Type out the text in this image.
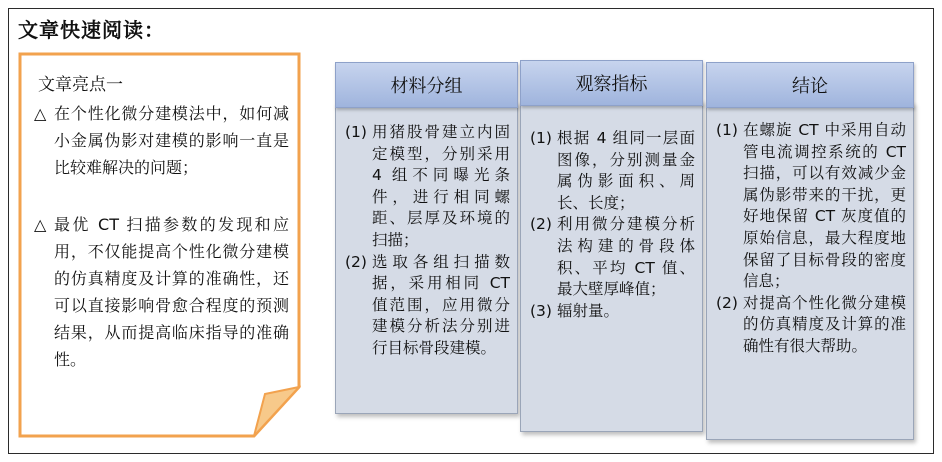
文章快速阅读：
文章亮点一
△ 在个性化微分建模法中，如何减小金属伪影对建模的影响一直是比较难解决的问题；
△ 最优 CT 扫描参数的发现和应用，不仅能提高个性化微分建模的仿真精度及计算的准确性，还可以直接影响骨愈合程度的预测结果，从而提高临床指导的准确性。
材料分组
(1) 用猪股骨建立内固定模型，分别采用 4 组不同曝光条件，进行相同螺距、层厚及环境的扫描；
(2) 选取各组扫描数据，采用相同 CT 值范围，应用微分建模分析法分别进行目标骨段建模。
观察指标
(1) 根据 4 组同一层面图像，分别测量金属伪影面积、周长、长度；
(2) 利用微分建模分析法构建的骨段体积、平均 CT 值、最大壁厚峰值；
(3) 辐射量。
结论
(1) 在螺旋 CT 中采用自动管电流调控系统的 CT 扫描，可以有效减少金属伪影带来的干扰，更好地保留 CT 灰度值的原始信息，最大程度地保留了目标骨段的密度信息；
(2) 对提高个性化微分建模的仿真精度及计算的准确性有很大帮助。
